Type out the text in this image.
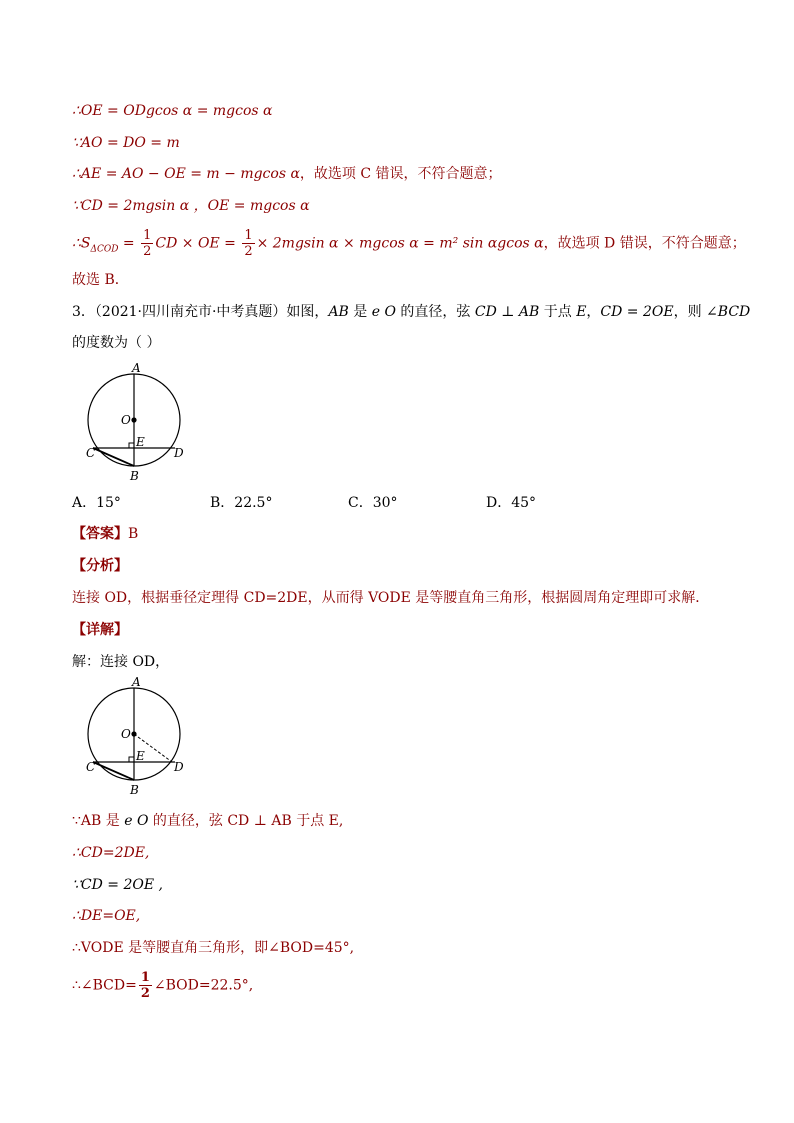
∴OE = ODgcos α = mgcos α
∵AO = DO = m
∴AE = AO − OE = m − mgcos α，故选项 C 错误，不符合题意；
∵CD = 2mgsin α ，OE = mgcos α
$\therefore S_{\Delta COD} = \frac{1}{2}$ CD × OE = $\frac{1}{2} \times 2mgsin$ α × mgcos α = m² sin αgcos α，故选项 D 错误，不符合题意；
故选 B．
3．（2021·四川南充市·中考真题）如图，AB 是 e O 的直径，弦 CD ⊥ AB 于点 E，CD = 2OE，则 ∠BCD
的度数为（ ）
A
O
E
C	D
B
A．15°	B．22.5°	C．30°	D．45°
【答案】B
【分析】
连接 OD，根据垂径定理得 CD=2DE，从而得 VODE 是等腰直角三角形，根据圆周角定理即可求解．
【详解】
解：连接 OD，
A
O
E
C	D
B
∵AB 是 e O 的直径，弦 CD ⊥ AB 于点 E,
∴CD=2DE,
∵CD = 2OE ,
∴DE=OE,
∴VODE 是等腰直角三角形，即∠BOD=45°,
∴∠BCD= $\frac{1}{2}$ ∠BOD=22.5°,
